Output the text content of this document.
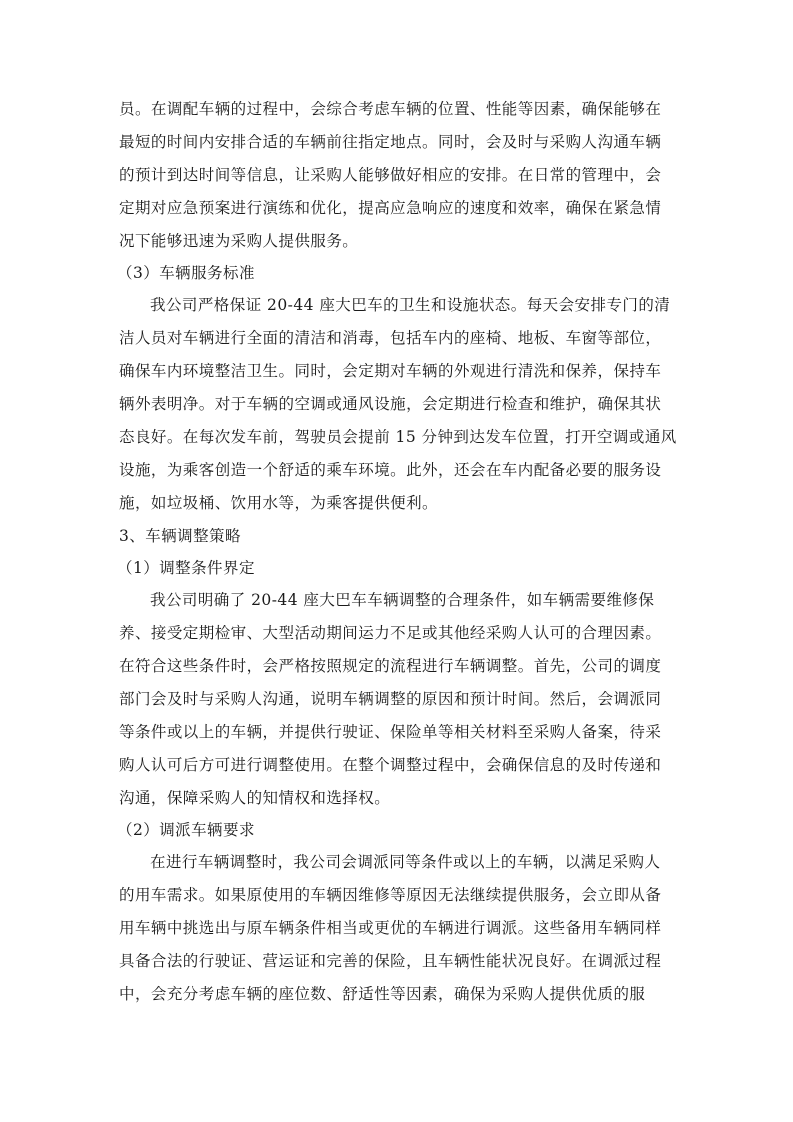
员。在调配车辆的过程中，会综合考虑车辆的位置、性能等因素，确保能够在
最短的时间内安排合适的车辆前往指定地点。同时，会及时与采购人沟通车辆
的预计到达时间等信息，让采购人能够做好相应的安排。在日常的管理中，会
定期对应急预案进行演练和优化，提高应急响应的速度和效率，确保在紧急情
况下能够迅速为采购人提供服务。
（3）车辆服务标准
我公司严格保证 20-44 座大巴车的卫生和设施状态。每天会安排专门的清
洁人员对车辆进行全面的清洁和消毒，包括车内的座椅、地板、车窗等部位，
确保车内环境整洁卫生。同时，会定期对车辆的外观进行清洗和保养，保持车
辆外表明净。对于车辆的空调或通风设施，会定期进行检查和维护，确保其状
态良好。在每次发车前，驾驶员会提前 15 分钟到达发车位置，打开空调或通风
设施，为乘客创造一个舒适的乘车环境。此外，还会在车内配备必要的服务设
施，如垃圾桶、饮用水等，为乘客提供便利。
3、车辆调整策略
（1）调整条件界定
我公司明确了 20-44 座大巴车车辆调整的合理条件，如车辆需要维修保
养、接受定期检审、大型活动期间运力不足或其他经采购人认可的合理因素。
在符合这些条件时，会严格按照规定的流程进行车辆调整。首先，公司的调度
部门会及时与采购人沟通，说明车辆调整的原因和预计时间。然后，会调派同
等条件或以上的车辆，并提供行驶证、保险单等相关材料至采购人备案，待采
购人认可后方可进行调整使用。在整个调整过程中，会确保信息的及时传递和
沟通，保障采购人的知情权和选择权。
（2）调派车辆要求
在进行车辆调整时，我公司会调派同等条件或以上的车辆，以满足采购人
的用车需求。如果原使用的车辆因维修等原因无法继续提供服务，会立即从备
用车辆中挑选出与原车辆条件相当或更优的车辆进行调派。这些备用车辆同样
具备合法的行驶证、营运证和完善的保险，且车辆性能状况良好。在调派过程
中，会充分考虑车辆的座位数、舒适性等因素，确保为采购人提供优质的服
